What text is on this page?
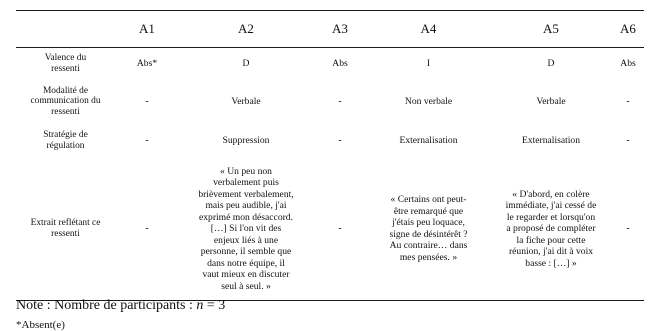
	A1	A2	A3	A4	A5	A6
Valence du ressenti	Abs*	D	Abs	I	D	Abs
Modalité de communication du ressenti	-	Verbale	-	Non verbale	Verbale	-
Stratégie de régulation	-	Suppression	-	Externalisation	Externalisation	-
Extrait reflétant ce ressenti	-	« Un peu non verbalement puis brièvement verbalement, mais peu audible, j'ai exprimé mon désaccord. […] Si l'on vit des enjeux liés à une personne, il semble que dans notre équipe, il vaut mieux en discuter seul à seul. »	-	« Certains ont peut-être remarqué que j'étais peu loquace, signe de désintérêt ? Au contraire… dans mes pensées. »	« D'abord, en colère immédiate, j'ai cessé de le regarder et lorsqu'on a proposé de compléter la fiche pour cette réunion, j'ai dit à voix basse : […] »	-
Note : Nombre de participants : n = 3
*Absent(e)
